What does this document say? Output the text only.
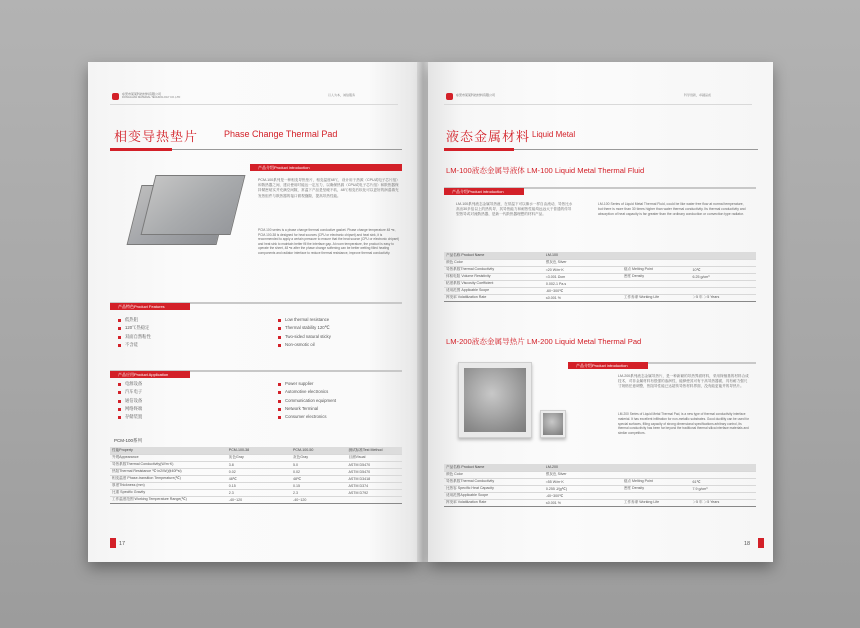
东莞市某某科技材料有限公司
DONGGUAN MATERIAL TECHNOLOGY CO.,LTD
以人为本，诚信服务
相变导热垫片	Phase Change Thermal Pad
产品介绍Product introduction
PCM-100系列是一种相变导热垫片，相变温度48℃，设计用于热源（CPU或电子芯片组）和散热器之间，建议使用时能达一定压力，以确保热源（CPU或电子芯片组）和散热器保持紧密贴实并充满空间隙，常温下产品是坚硬不软，48℃相变后软化可以更好的润湿填充发热组件与散热器的接口微观缝隙，提高导热性能。
PCM-100 series is a phase change thermal conductive gasket. Phase change temperature 48 ℃, PCM-100-38 is designed for heat sources (CPU or electronic chipset) and heat sink, it is recommended to apply a certain pressure to ensure that the heat source (CPU or electronic chipset) and heat sink to maintain better fill the interface gap. At room temperature, the product is easy to operate the sheet, 48 ℃ after the phase change softening can be better wetting filled heating components and radiator interface to reduce thermal resistance, improve thermal conductivity.
产品特色Product Features
低热阻
120℃热稳定
双面自然粘性
不含硅
Low thermal resistance
Thermal stability 120℃
Two-sided natural sticky
Non-osmotic oil
产品应用Product Application
电源设备
汽车电子
通信设备
网络终端
存储装置
Power supplier
Automotive electronics
Communication equipment
Network Terminal
Consumer electronics
PCM-100系列
性能Property	PCM-100-38	PCM-100-50	测试标准Test Method
外观Appearance	灰色Gray	灰色Gray	目测Visual
导热系数Thermal Conductivity(W/m·K)	3.8	5.0	ASTM D5470
热阻Thermal Resistance ℃·in2/W(@40Psi)	0.02	0.02	ASTM D5470
相变温度 Phase-transition Temperature(℃)	48℃	48℃	ASTM D3418
厚度Thickness (mm)	0.15	0.15	ASTM D374
比重 Specific Gravity	2.3	2.3	ASTM D792
工作温度范围 Working Temperature Range(℃)	-40~120	-40~120	
17
东莞市某某科技材料有限公司	科学创新，卓越品质
液态金属材料 Liquid Metal
LM-100液态金属导液体 LM-100 Liquid Metal Thermal Fluid
产品介绍Product introduction
LM-100系列液态金属导热液，在常温下可以像水一样自由流动，导热比水高出30多倍以上的热传导，其导热能力和耐热性能均远远大于普通的传导型热导或对流散热器，是新一代散热器理想的材料产品。
LM-100 Series of Liquid Metal Thermal Fluid, could be like water free flow at normal temperature, but there is more than 30 times higher than water thermal conductivity. Its thermal conductivity and absorption of heat capacity is far greater than the ordinary conduction or convection type radiator.
产品名称 Product Name	LM-100		
颜色 Color	银灰色 Silver		
导热系数Thermal Conductivity	≈20 W/m·K	熔点 Melting Point	10℃
体积电阻 Volume Resistivity	≈3.001 Ωcm	密度 Density	6.25 g/cm³
粘度系数 Viscosity Coefficient	0.002-1 Pa.s		
适用范围 Applicable Scope	-60~300℃		
挥发率 Volatilization Rate	≤0.001 %	工作寿命 Working Life	＞5 年 ＞5 Years
LM-200液态金属导热片 LM-200 Liquid Metal Thermal Pad
产品介绍Product introduction
LM-200系列液态金属导热片，是一种新颖的导热界面材料，采用镓铟基的材料合成技术，对非金属材料有很强的渗润性，能够使其可有于高导热器面，具有耐力强尺寸规格任意调整，热阻导性能已达超传导热材料界面，没有能更能并的导热片。
LM-200 Series of Liquid Metal Thermal Pad, is a new type of thermal conductivity interface material. It has excellent infiltration for non-metallic substrates. Good ductility can be used for special surfaces, filling capacity of strong dimensional specifications arbitrary control, its thermal conductivity has been far beyond the traditional thermal silica interface materials and similar competitors.
产品名称 Product Name	LM-200		
颜色 Color	银灰色 Silver		
导热系数Thermal Conductivity	≈55 W/m·K	熔点 Melting Point	61℃
比热容 Specific Heat Capacity	0.255 J/(g℃)	密度 Density	7.9 g/cm³
适用范围Applicable Scope	-40~300℃		
挥发率 Volatilization Rate	≤0.001 %	工作寿命 Working Life	＞5 年 ＞5 Years
18
